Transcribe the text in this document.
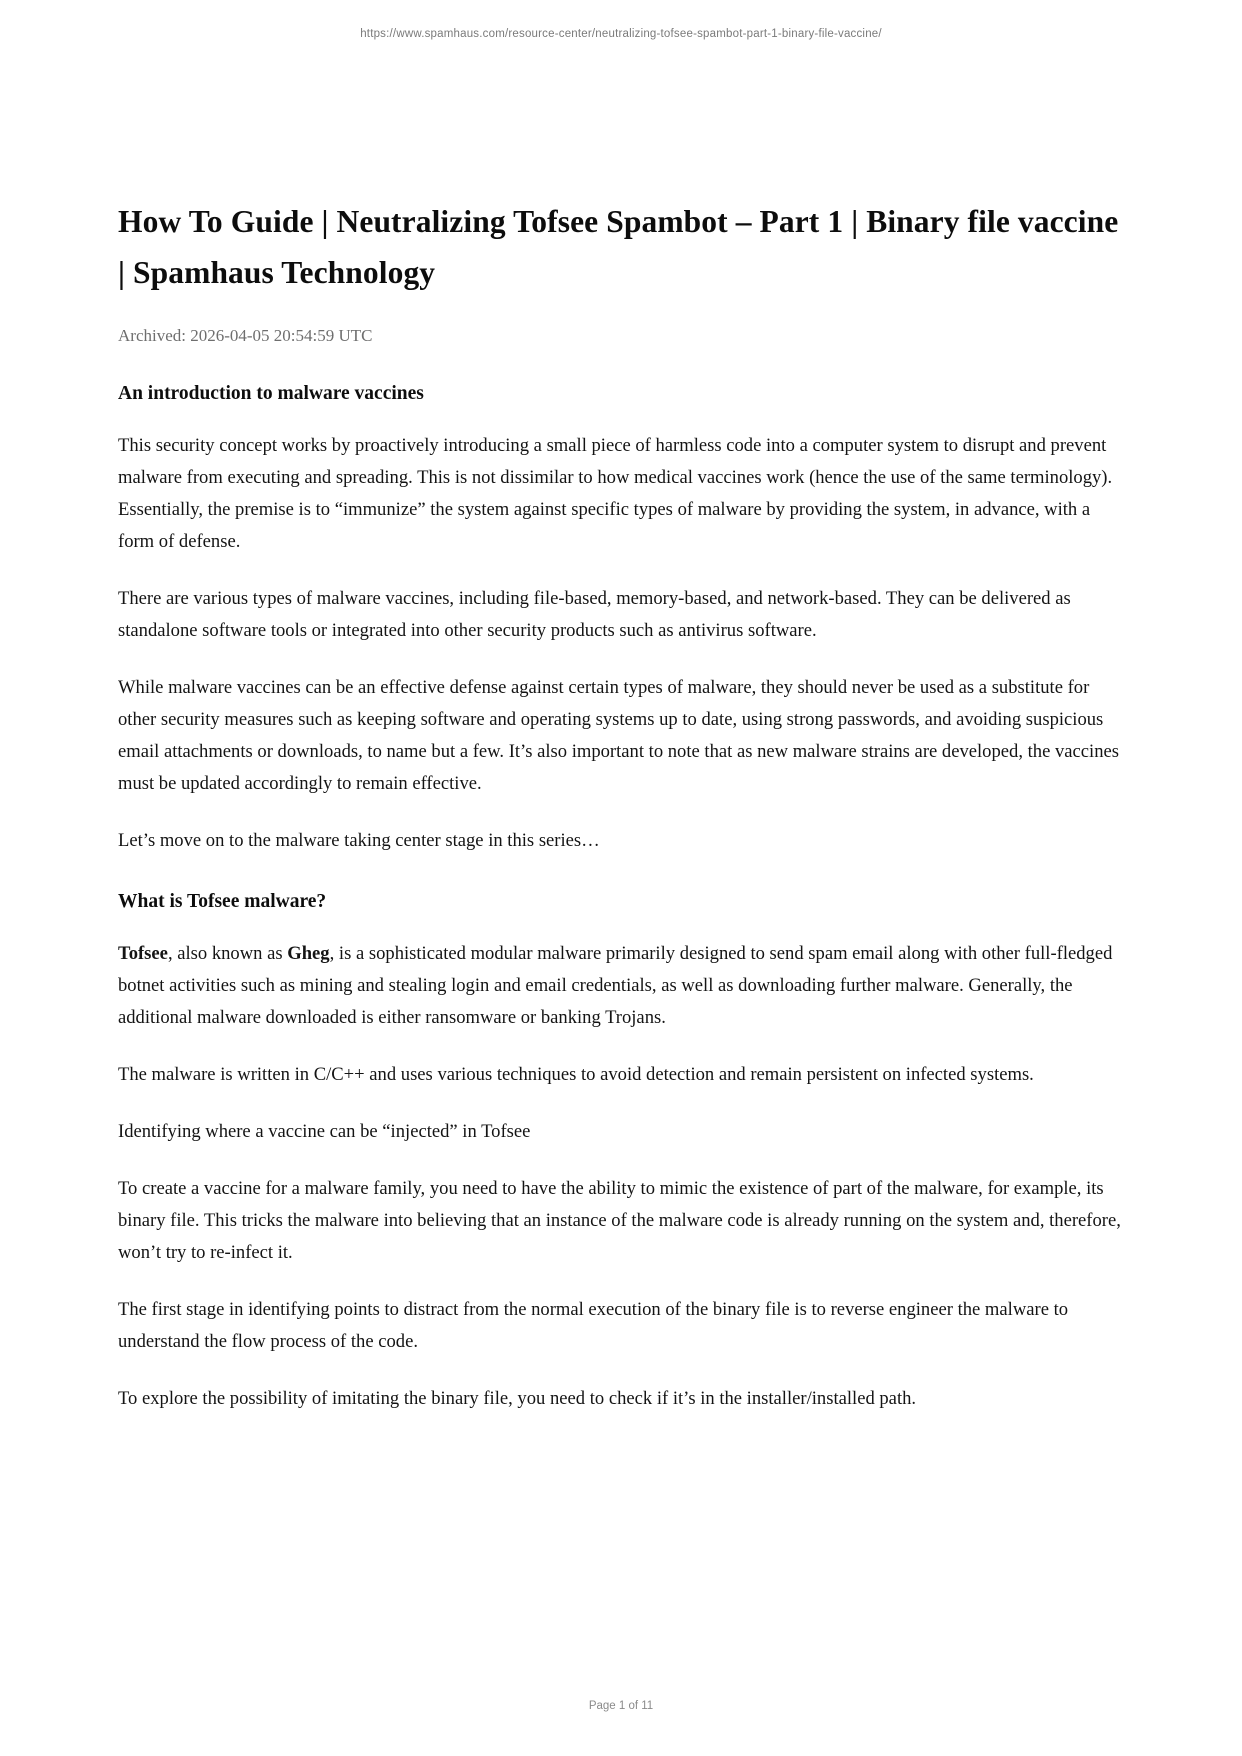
https://www.spamhaus.com/resource-center/neutralizing-tofsee-spambot-part-1-binary-file-vaccine/
How To Guide | Neutralizing Tofsee Spambot – Part 1 | Binary file vaccine | Spamhaus Technology
Archived: 2026-04-05 20:54:59 UTC
An introduction to malware vaccines

This security concept works by proactively introducing a small piece of harmless code into a computer system to disrupt and prevent malware from executing and spreading. This is not dissimilar to how medical vaccines work (hence the use of the same terminology). Essentially, the premise is to “immunize” the system against specific types of malware by providing the system, in advance, with a form of defense.

There are various types of malware vaccines, including file-based, memory-based, and network-based. They can be delivered as standalone software tools or integrated into other security products such as antivirus software.

While malware vaccines can be an effective defense against certain types of malware, they should never be used as a substitute for other security measures such as keeping software and operating systems up to date, using strong passwords, and avoiding suspicious email attachments or downloads, to name but a few. It’s also important to note that as new malware strains are developed, the vaccines must be updated accordingly to remain effective.

Let’s move on to the malware taking center stage in this series…

What is Tofsee malware?

Tofsee, also known as Gheg, is a sophisticated modular malware primarily designed to send spam email along with other full-fledged botnet activities such as mining and stealing login and email credentials, as well as downloading further malware. Generally, the additional malware downloaded is either ransomware or banking Trojans.

The malware is written in C/C++ and uses various techniques to avoid detection and remain persistent on infected systems.

Identifying where a vaccine can be “injected” in Tofsee

To create a vaccine for a malware family, you need to have the ability to mimic the existence of part of the malware, for example, its binary file. This tricks the malware into believing that an instance of the malware code is already running on the system and, therefore, won’t try to re-infect it.

The first stage in identifying points to distract from the normal execution of the binary file is to reverse engineer the malware to understand the flow process of the code.

To explore the possibility of imitating the binary file, you need to check if it’s in the installer/installed path.

Page 1 of 11
